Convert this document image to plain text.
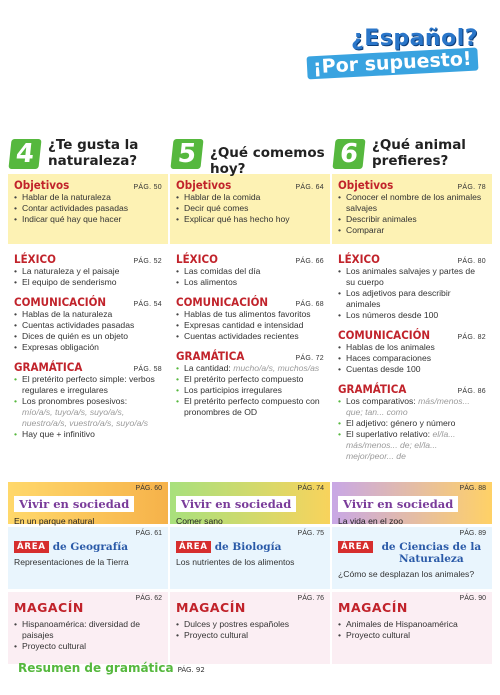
¿Español?
¡Por supuesto!
4 ¿Te gusta la naturaleza?
Objetivos	PÁG. 50
• Hablar de la naturaleza
• Contar actividades pasadas
• Indicar qué hay que hacer
LÉXICO	PÁG. 52
• La naturaleza y el paisaje
• El equipo de senderismo
COMUNICACIÓN	PÁG. 54
• Hablas de la naturaleza
• Cuentas actividades pasadas
• Dices de quién es un objeto
• Expresas obligación
GRAMÁTICA	PÁG. 58
• El pretérito perfecto simple: verbos regulares e irregulares
• Los pronombres posesivos:
mío/a/s, tuyo/a/s, suyo/a/s, nuestro/a/s, vuestro/a/s, suyo/a/s
• Hay que + infinitivo
5 ¿Qué comemos hoy?
Objetivos	PÁG. 64
• Hablar de la comida
• Decir qué comes
• Explicar qué has hecho hoy
LÉXICO	PÁG. 66
• Las comidas del día
• Los alimentos
COMUNICACIÓN	PÁG. 68
• Hablas de tus alimentos favoritos
• Expresas cantidad e intensidad
• Cuentas actividades recientes
GRAMÁTICA	PÁG. 72
• La cantidad: mucho/a/s, muchos/as
• El pretérito perfecto compuesto
• Los participios irregulares
• El pretérito perfecto compuesto con pronombres de OD
6 ¿Qué animal prefieres?
Objetivos	PÁG. 78
• Conocer el nombre de los animales salvajes
• Describir animales
• Comparar
LÉXICO	PÁG. 80
• Los animales salvajes y partes de su cuerpo
• Los adjetivos para describir animales
• Los números desde 100
COMUNICACIÓN	PÁG. 82
• Hablas de los animales
• Haces comparaciones
• Cuentas desde 100
GRAMÁTICA	PÁG. 86
• Los comparativos: más/menos... que; tan... como
• El adjetivo: género y número
• El superlativo relativo: el/la... más/menos... de; el/la... mejor/peor... de
PÁG. 60
Vivir en sociedad
En un parque natural
PÁG. 74
Vivir en sociedad
Comer sano
PÁG. 88
Vivir en sociedad
La vida en el zoo
PÁG. 61
ÁREA de Geografía
Representaciones de la Tierra
PÁG. 75
ÁREA de Biología
Los nutrientes de los alimentos
PÁG. 89
ÁREA	de Ciencias de la Naturaleza
¿Cómo se desplazan los animales?
PÁG. 62
MAGACÍN
• Hispanoamérica: diversidad de paisajes
• Proyecto cultural
PÁG. 76
MAGACÍN
• Dulces y postres españoles
• Proyecto cultural
PÁG. 90
MAGACÍN
• Animales de Hispanoamérica
• Proyecto cultural
Resumen de gramática PÁG. 92
